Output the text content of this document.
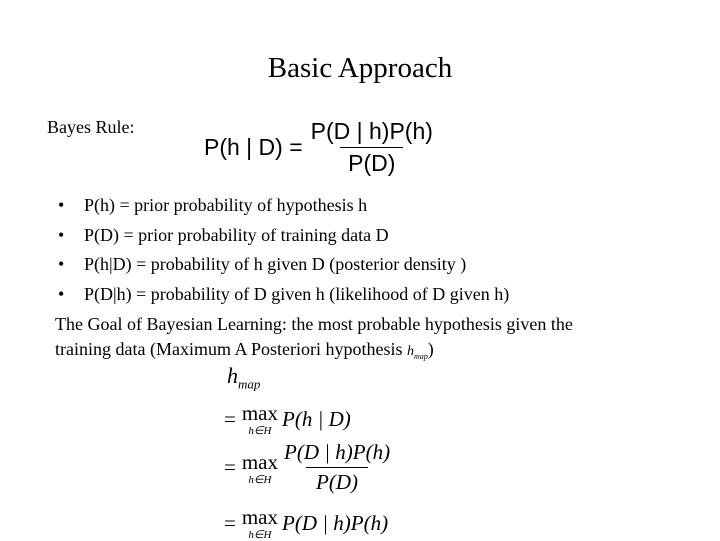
Basic Approach
Bayes Rule:
P(h | $D) = \frac{P(D | h)P(h)}{P(D)}$
•	P(h) = prior probability of hypothesis h
•	P(D) = prior probability of training data D
•	P(h|D) = probability of h given D (posterior density )
•	P(D|h) = probability of D given h (likelihood of D given h)
The Goal of Bayesian Learning: the most probable hypothesis given the
training data (Maximum A Posteriori hypothesis $h_{map}$)
$h_{map}$
= max
h∈H
P(h | D)
= max
h∈H $\frac{P(D | h)P(h)}{P(D)}$
= max
h∈H
P(D | h)P(h)
